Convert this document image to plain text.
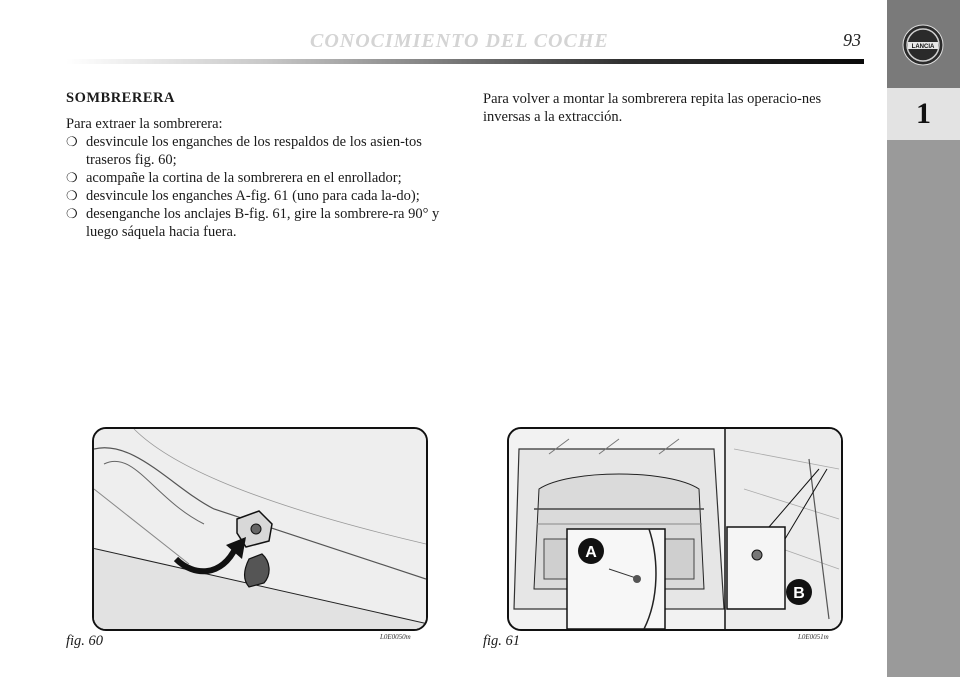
CONOCIMIENTO DEL COCHE	93	LANCIA
1
SOMBRERERA

Para extraer la sombrerera:

❍ desvincule los enganches de los respaldos de los asien-tos traseros fig. 60;
❍ acompañe la cortina de la sombrerera en el enrollador;
❍ desvincule los enganches A-fig. 61 (uno para cada la-do);
❍ desenganche los anclajes B-fig. 61, gire la sombrere-ra 90° y luego sáquela hacia fuera.

Para volver a montar la sombrerera repita las operacio-nes inversas a la extracción.

fig. 60	L0E0050m
A
B
fig. 61	L0E0051m
